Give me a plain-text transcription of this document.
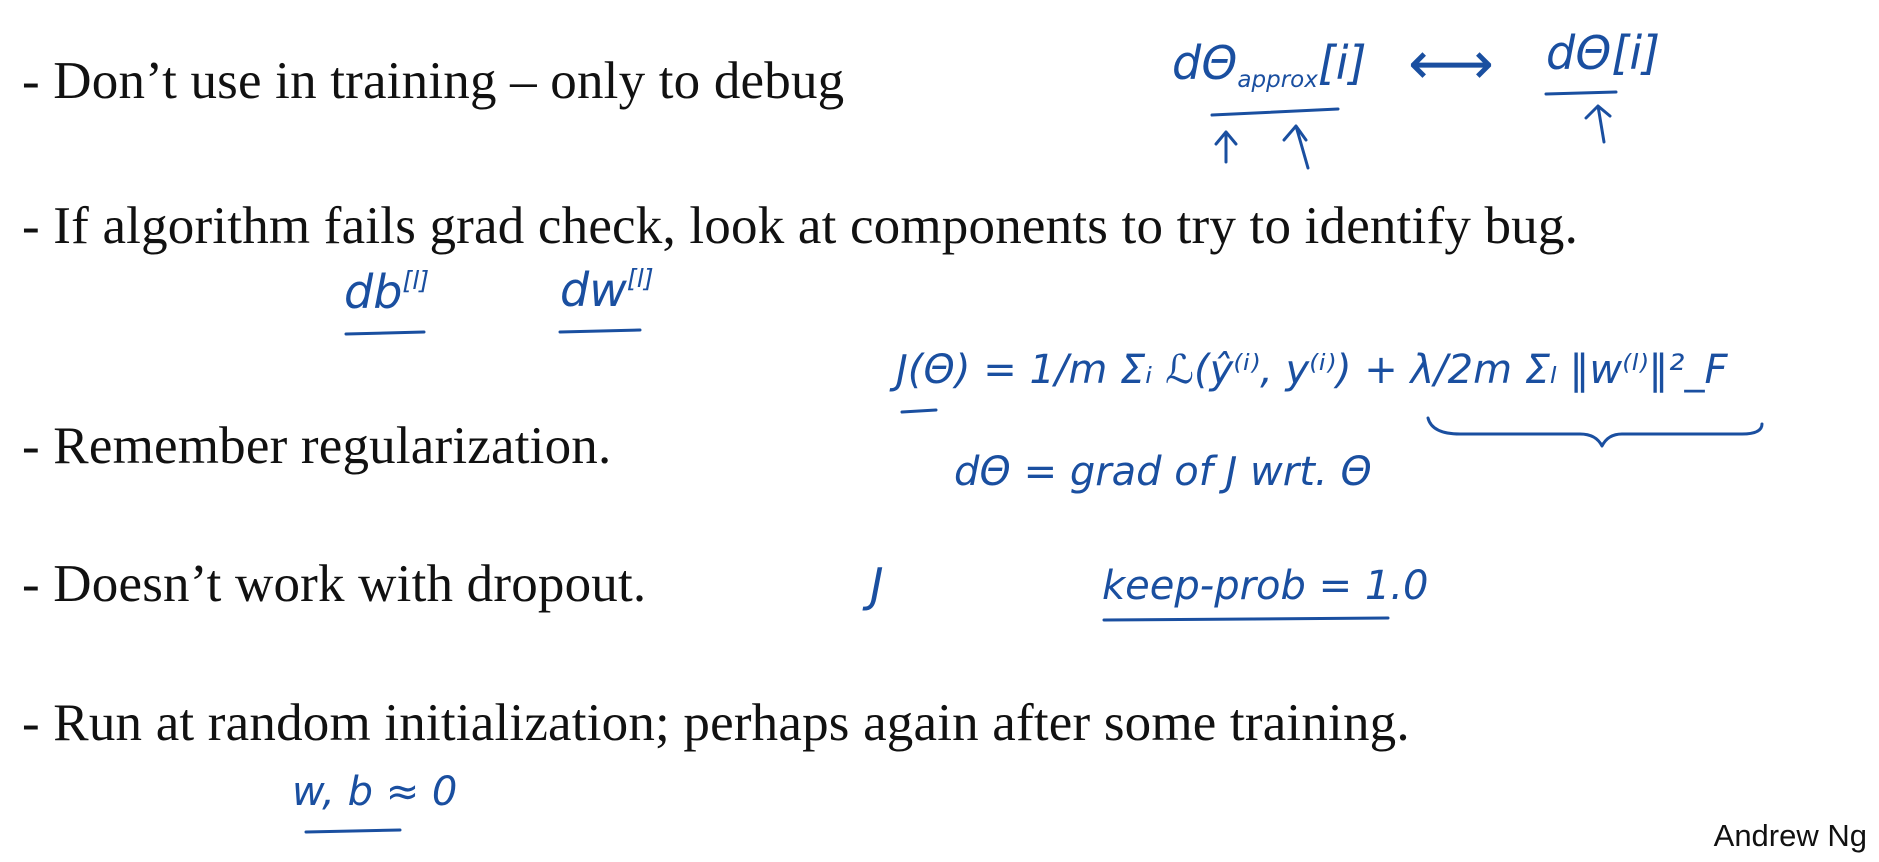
- Don’t use in training – only to debug
- If algorithm fails grad check, look at components to try to identify bug.
- Remember regularization.
- Doesn’t work with dropout.
- Run at random initialization; perhaps again after some training.
$d\Theta_{approx}[i]$ ⟷ dΘ[i]
db[l]	dw[l]
J(Θ) = 1/m Σᵢ ℒ(ŷ⁽ⁱ⁾, y⁽ⁱ⁾) + λ/2m Σₗ ‖w⁽ˡ⁾‖²_F
dΘ = grad of J wrt. Θ
J	keep-prob = 1.0
w, b ≈ 0
Andrew Ng
